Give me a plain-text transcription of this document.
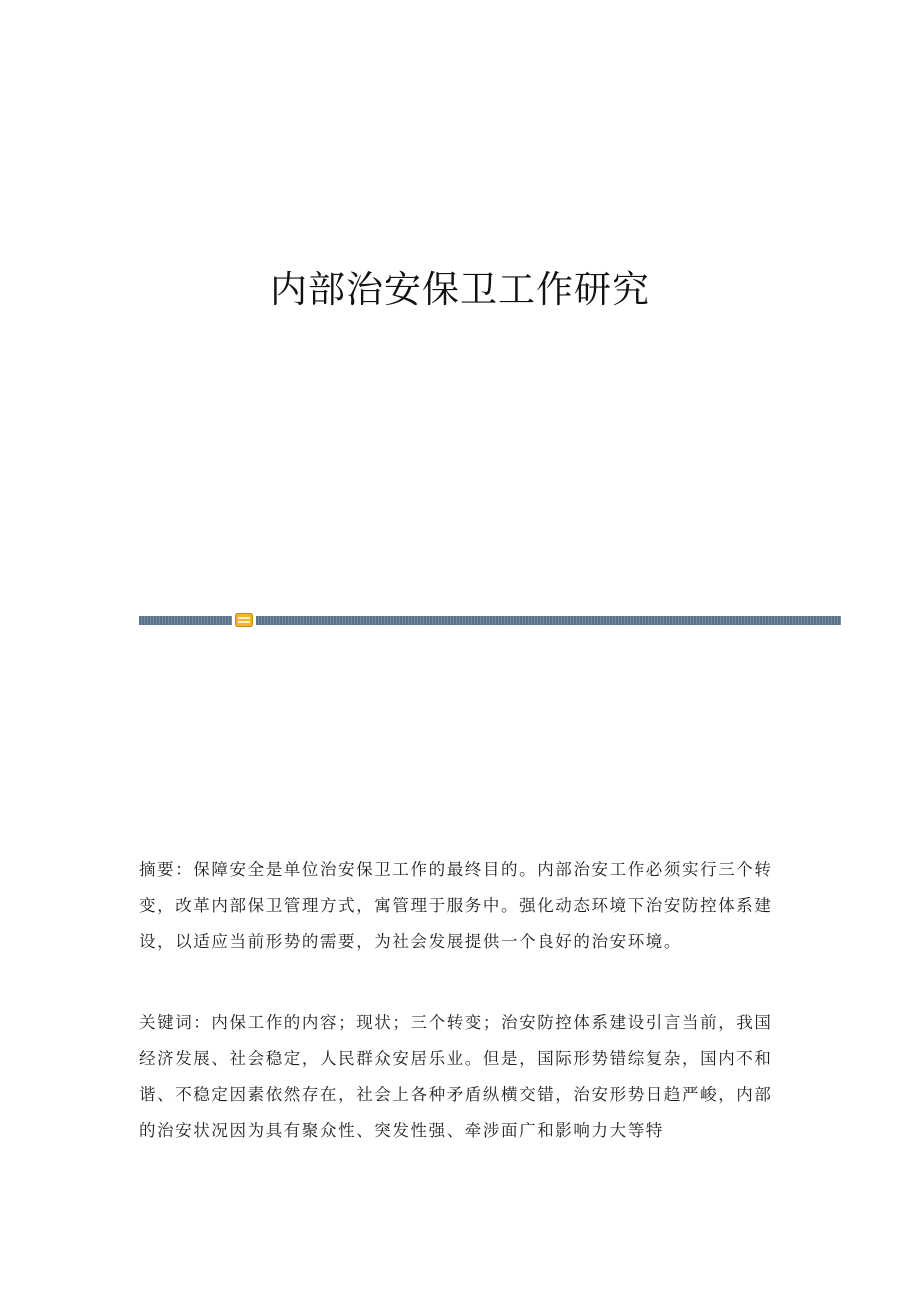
内部治安保卫工作研究

摘要：保障安全是单位治安保卫工作的最终目的。内部治安工作必须实行三个转变，改革内部保卫管理方式，寓管理于服务中。强化动态环境下治安防控体系建设，以适应当前形势的需要，为社会发展提供一个良好的治安环境。

关键词：内保工作的内容；现状；三个转变；治安防控体系建设引言当前，我国经济发展、社会稳定，人民群众安居乐业。但是，国际形势错综复杂，国内不和谐、不稳定因素依然存在，社会上各种矛盾纵横交错，治安形势日趋严峻，内部的治安状况因为具有聚众性、突发性强、牵涉面广和影响力大等特
